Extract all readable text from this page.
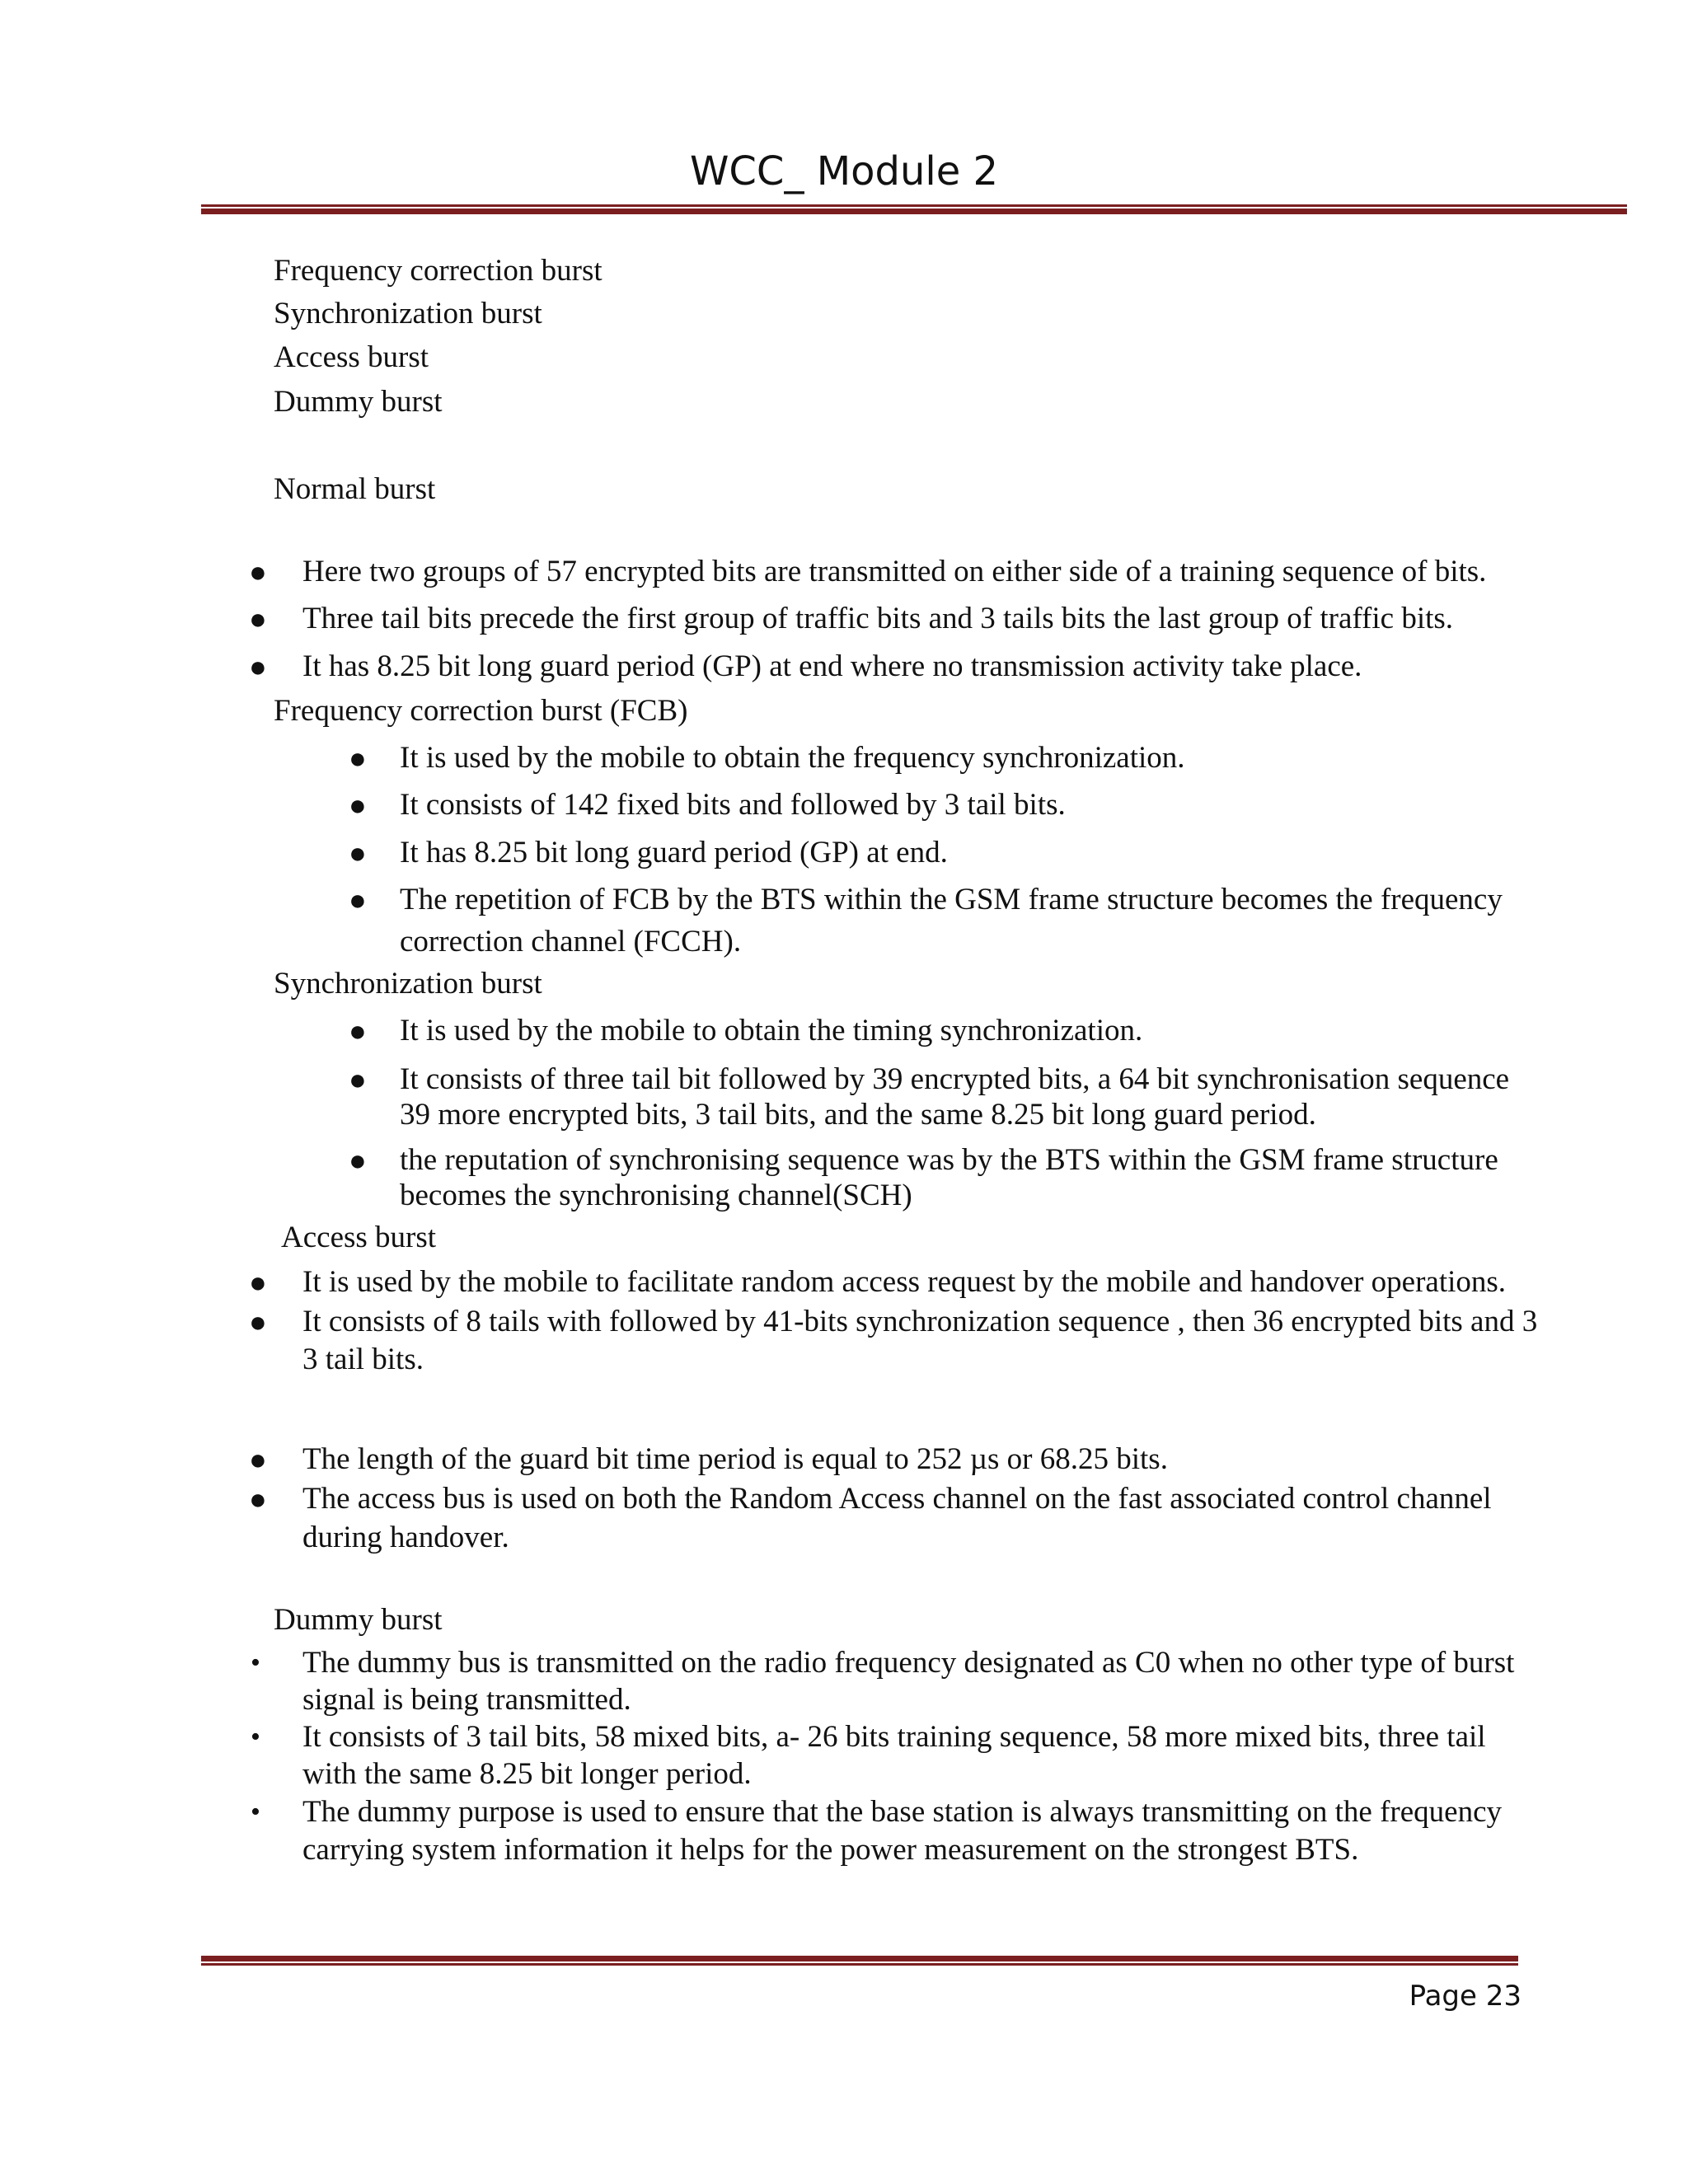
WCC_ Module 2
Frequency correction burst
Synchronization burst
Access burst
Dummy burst
Normal burst
● Here two groups of 57 encrypted bits are transmitted on either side of a training sequence of bits.
● Three tail bits precede the first group of traffic bits and 3 tails bits the last group of traffic bits.
● It has 8.25 bit long guard period (GP) at end where no transmission activity take place.
Frequency correction burst (FCB)
● It is used by the mobile to obtain the frequency synchronization.
● It consists of 142 fixed bits and followed by 3 tail bits.
● It has 8.25 bit long guard period (GP) at end.
● The repetition of FCB by the BTS within the GSM frame structure becomes the frequency
correction channel (FCCH).
Synchronization burst
● It is used by the mobile to obtain the timing synchronization.
● It consists of three tail bit followed by 39 encrypted bits, a 64 bit synchronisation sequence
39 more encrypted bits, 3 tail bits, and the same 8.25 bit long guard period.
● the reputation of synchronising sequence was by the BTS within the GSM frame structure
becomes the synchronising channel(SCH)
Access burst
● It is used by the mobile to facilitate random access request by the mobile and handover operations.
● It consists of 8 tails with followed by 41-bits synchronization sequence , then 36 encrypted bits and 3
3 tail bits.
● The length of the guard bit time period is equal to 252 µs or 68.25 bits.
● The access bus is used on both the Random Access channel on the fast associated control channel
during handover.
Dummy burst
• The dummy bus is transmitted on the radio frequency designated as C0 when no other type of burst
signal is being transmitted.
• It consists of 3 tail bits, 58 mixed bits, a- 26 bits training sequence, 58 more mixed bits, three tail
with the same 8.25 bit longer period.
• The dummy purpose is used to ensure that the base station is always transmitting on the frequency
carrying system information it helps for the power measurement on the strongest BTS.
Page 23
